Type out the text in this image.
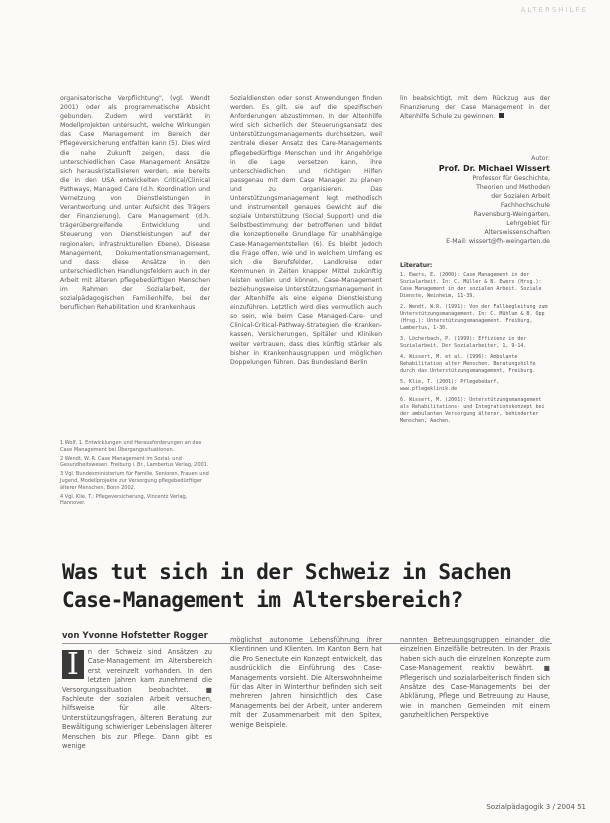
ALTERSHILFE

organisatorische Verpflichtung", (vgl. Wendt 2001) oder als programmatische Absicht gebunden. Zudem wird verstärkt in Modellprojekten untersucht, welche Wirkungen das Case Management im Bereich der Pflegeversicherung entfalten kann (5). Dies wird die nahe Zukunft zeigen, dass die unterschiedlichen Case Management Ansätze sich herauskristallisieren werden, wie bereits die in den USA entwickelten Critical/Clinical Pathways, Managed Care (d.h. Koordination und Vernetzung von Dienstleistungen in Verantwortung und unter Aufsicht des Trägers der Finanzierung), Care Management (d.h. trägerübergreifende Entwicklung und Steuerung von Dienstleistungen auf der regionalen, infrastrukturellen Ebene), Disease Management, Dokumentationsmanagement, und dass diese Ansätze in den unterschiedlichen Handlungsfeldern auch in der Arbeit mit älteren pflegebedürftigen Menschen im Rahmen der Sozialarbeit, der sozialpädagogischen Familienhilfe, bei der beruflichen Rehabilitation und Krankenhaus

1 Wolf, 1. Entwicklungen und Herausforderungen an das Case Management bei Übergangssituationen.

2 Wendt, W. R. Case Management im Sozial- und Gesundheitswesen. Freiburg i. Br., Lambertus Verlag, 2001.

3 Vgl. Bundesministerium für Familie, Senioren, Frauen und Jugend, Modellprojekte zur Versorgung pflegebedürftiger älterer Menschen, Bonn 2002.

4 Vgl. Klie, T.: Pflegeversicherung, Vincentz Verlag, Hannover.

Sozialdiensten oder sonst Anwendungen finden werden. Es gilt, sie auf die spezifischen Anforderungen abzustimmen. In der Altenhilfe wird sich sicherlich der Steuerungsansatz des Unterstützungsmanagements durchsetzen, weil zentrale dieser Ansatz des Care-Managements pflegebedürftige Menschen und ihr Angehörige in die Lage versetzen kann, ihre unterschiedlichen und richtigen Hilfen passgenau mit dem Case Manager zu planen und zu organisieren. Das Unterstützungsmanagement legt methodisch und instrumentell genaues Gewicht auf die soziale Unterstützung (Social Support) und die Selbstbestimmung der betroffenen und bildet die konzeptionelle Grundlage für unabhängige Case-Managementstellen (6). Es bleibt jedoch die Frage offen, wie und in welchem Umfang es sich die Berufsfelder, Landkreise oder Kommunen in Zeiten knapper Mittel zukünftig leisten wollen und können, Case-Management beziehungsweise Unterstützungsmanagement in der Altenhilfe als eine eigene Dienstleistung einzuführen. Letztlich wird dies vermutlich auch so sein, wie beim Case Managed-Care- und Clinical-Critical-Pathway-Strategien die Kranken- kassen, Versicherungen, Spitäler und Kliniken weiter vertrauen, dass dies künftig stärker als bisher in Krankenhausgruppen und möglichen Doppelungen führen. Das Bundesland Berlin

lin beabsichtigt, mit dem Rückzug aus der Finanzierung der Case Management in der Altenhilfe Schule zu gewinnen.

Autor:
Prof. Dr. Michael Wissert
Professor für Geschichte,
Theorien und Methoden
der Sozialen Arbeit
Fachhochschule
Ravensburg-Weingarten,
Lehrgebiet für
Alterswissenschaften
E-Mail: wissert@fh-weingarten.de
Literatur:

1. Ewers, E. (2000): Case Management in der Sozialarbeit. In: C. Müller & B. Ewers (Hrsg.): Case Management in der sozialen Arbeit. Soziale Dienste, Weinheim, 11-39.

2. Wendt, W.R. (1991): Von der Fallbegleitung zum Unterstützungsmanagement. In: C. Mühlum & B. Opp (Hrsg.): Unterstützungsmanagement. Freiburg, Lambertus, 1-30.

3. Löcherbach, P. (1999): Effizienz in der Sozialarbeit. Der Sozialarbeiter, 1, 9-14.

4. Wissert, M. et al. (1996): Ambulante Rehabilitation alter Menschen. Beratungshilfe durch das Unterstützungsmanagement, Freiburg.

5. Klie, T. (2001): Pflegebedarf, www.pflegeklinik.de

6. Wissert, M. (2001): Unterstützungsmanagement als Rehabilitations- und Integrationskonzept bei der ambulanten Versorgung älterer, behinderter Menschen, Aachen.

Was tut sich in der Schweiz in Sachen Case-Management im Altersbereich?
von Yvonne Hofstetter Rogger
I	n der Schweiz sind Ansätzen zu Case-Management im Altersbereich erst vereinzelt vorhanden. In den letzten Jahren kam zunehmend die Versorgungssituation beobachtet. ■ Fachleute der sozialen Arbeit versuchen, hilfsweise für alle Alters-Unterstützungsfragen, älteren Beratung zur Bewältigung schwieriger Lebenslagen älterer Menschen bis zur Pflege. Dann gibt es wenige
möglichst autonome Lebensführung ihrer Klientinnen und Klienten. Im Kanton Bern hat die Pro Senectute ein Konzept entwickelt, das ausdrücklich die Einführung des Case-Managements vorsieht. Die Alterswohnheime für das Alter in Winterthur befinden sich seit mehreren Jahren hinsichtlich des Case Managements bei der Arbeit, unter anderem mit der Zusammenarbeit mit den Spitex, wenige Beispiele.
nannten Betreuungsgruppen einander die einzelnen Einzelfälle betreuten. In der Praxis haben sich auch die einzelnen Konzepte zum Case-Management reaktiv bewährt. ■ Pflegerisch und sozialarbeiterisch finden sich Ansätze des Case-Managements bei der Abklärung, Pflege und Betreuung zu Hause, wie in manchen Gemeinden mit einem ganzheitlichen Perspektive
Sozialpädagogik 3 / 2004 51
